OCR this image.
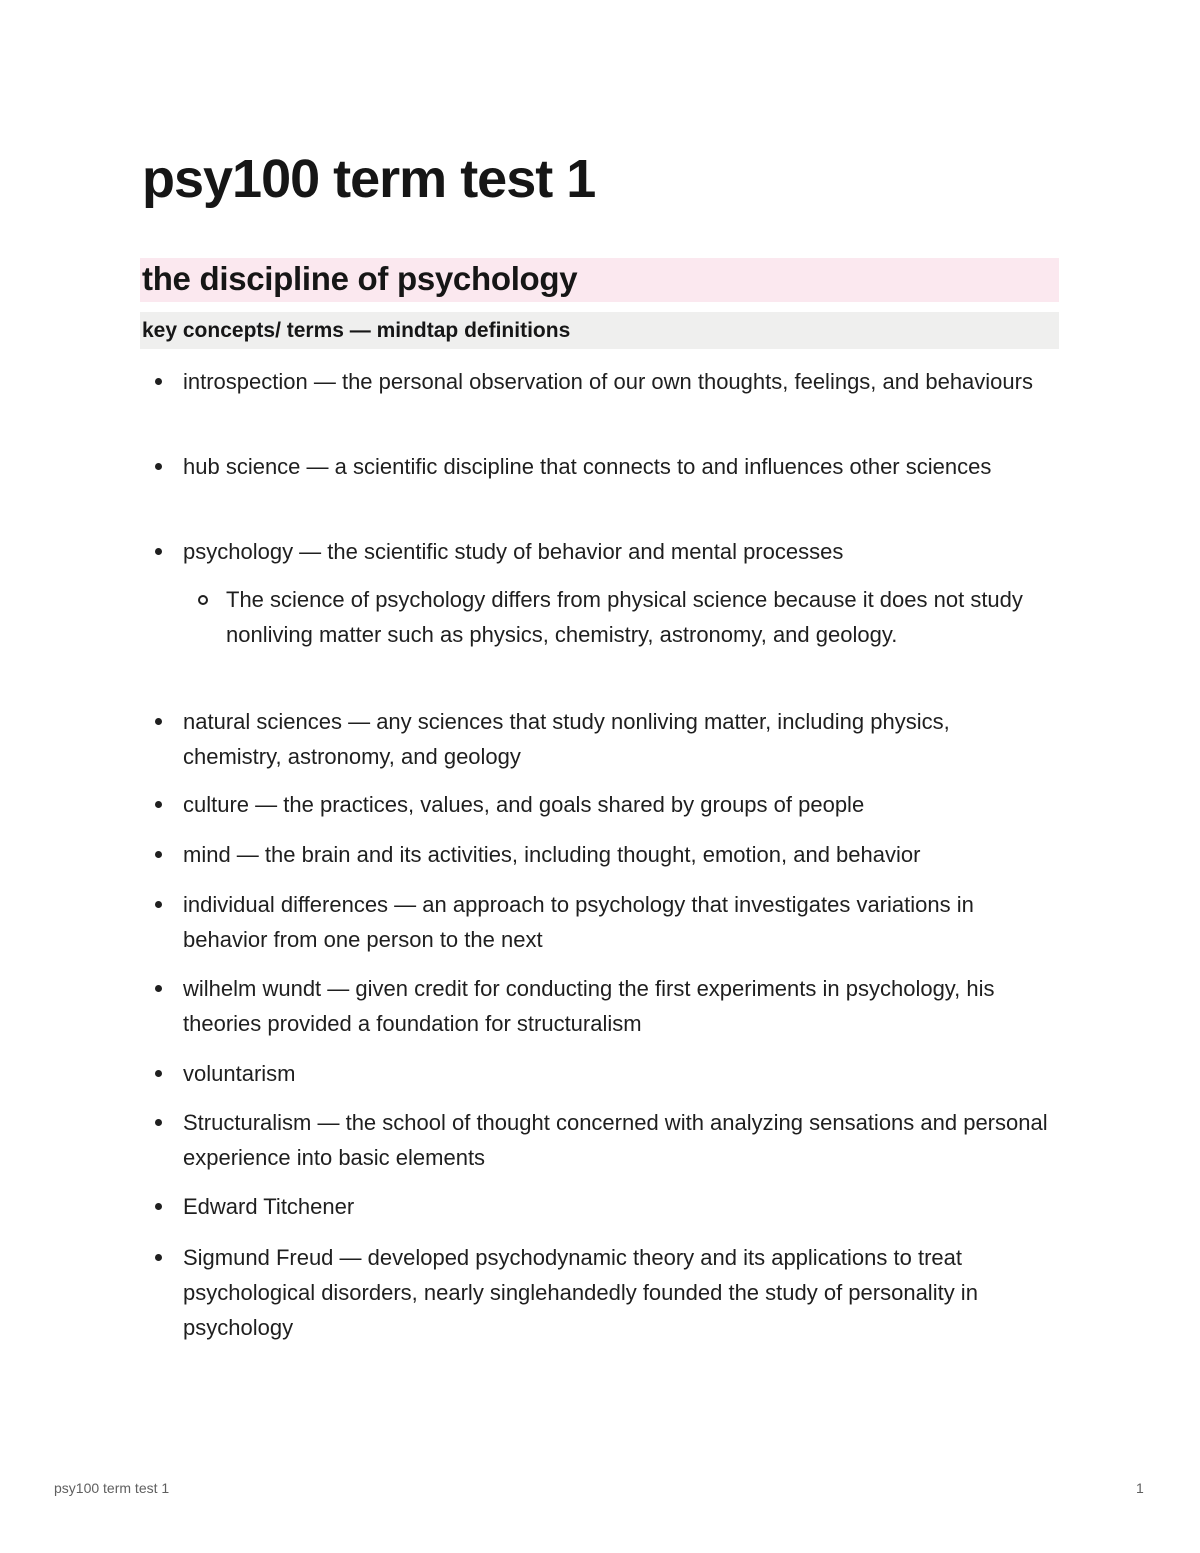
psy100 term test 1
the discipline of psychology
key concepts/ terms — mindtap definitions
introspection — the personal observation of our own thoughts, feelings, and behaviours
hub science — a scientific discipline that connects to and influences other sciences
psychology — the scientific study of behavior and mental processes
The science of psychology differs from physical science because it does not study nonliving matter such as physics, chemistry, astronomy, and geology.
natural sciences — any sciences that study nonliving matter, including physics, chemistry, astronomy, and geology
culture — the practices, values, and goals shared by groups of people
mind — the brain and its activities, including thought, emotion, and behavior
individual differences — an approach to psychology that investigates variations in behavior from one person to the next
wilhelm wundt — given credit for conducting the first experiments in psychology, his theories provided a foundation for structuralism
voluntarism
Structuralism — the school of thought concerned with analyzing sensations and personal experience into basic elements
Edward Titchener
Sigmund Freud — developed psychodynamic theory and its applications to treat psychological disorders, nearly singlehandedly founded the study of personality in psychology
psy100 term test 1	1
